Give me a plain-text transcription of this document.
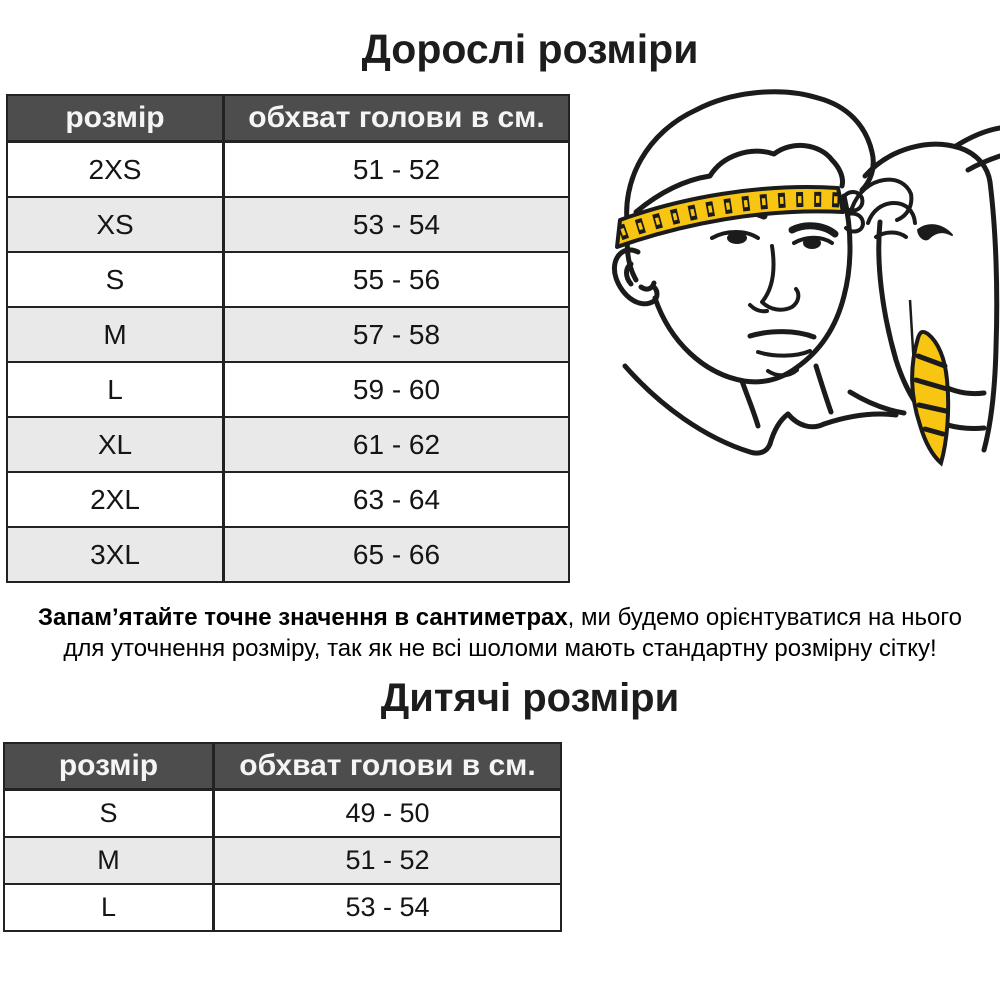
Дорослі розміри
розмір	обхват голови в см.
2XS	51 - 52
XS	53 - 54
S	55 - 56
M	57 - 58
L	59 - 60
XL	61 - 62
2XL	63 - 64
3XL	65 - 66

Запам’ятайте точне значення в сантиметрах, ми будемо орієнтуватися на нього для уточнення розміру, так як не всі шоломи мають стандартну розмірну сітку!

Дитячі розміри
розмір	обхват голови в см.
S	49 - 50
M	51 - 52
L	53 - 54
